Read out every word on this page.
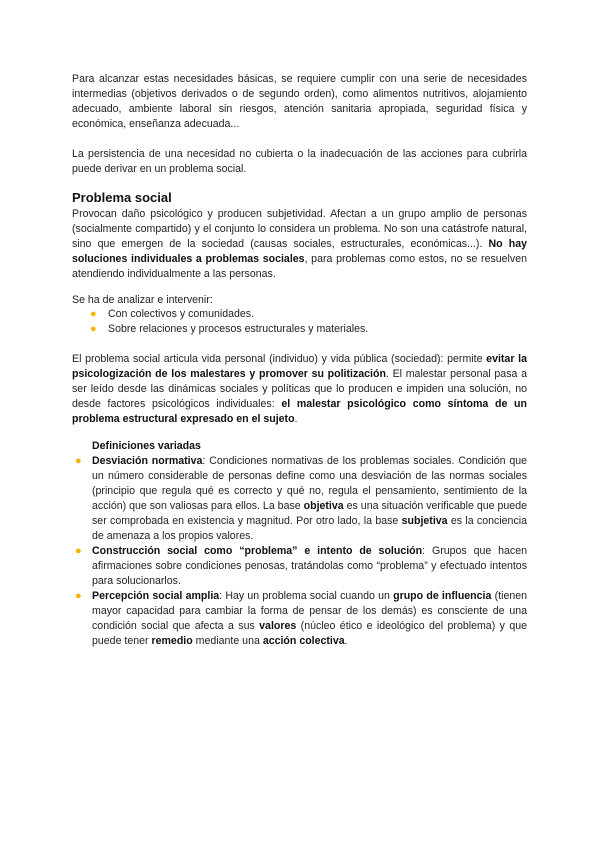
Para alcanzar estas necesidades básicas, se requiere cumplir con una serie de necesidades intermedias (objetivos derivados o de segundo orden), como alimentos nutritivos, alojamiento adecuado, ambiente laboral sin riesgos, atención sanitaria apropiada, seguridad física y económica, enseñanza adecuada...

La persistencia de una necesidad no cubierta o la inadecuación de las acciones para cubrirla puede derivar en un problema social.

Problema social

Provocan daño psicológico y producen subjetividad. Afectan a un grupo amplio de personas (socialmente compartido) y el conjunto lo considera un problema. No son una catástrofe natural, sino que emergen de la sociedad (causas sociales, estructurales, económicas...). No hay soluciones individuales a problemas sociales, para problemas como estos, no se resuelven atendiendo individualmente a las personas.

Se ha de analizar e intervenir:

● Con colectivos y comunidades.
● Sobre relaciones y procesos estructurales y materiales.

El problema social articula vida personal (individuo) y vida pública (sociedad): permite evitar la psicologización de los malestares y promover su politización. El malestar personal pasa a ser leído desde las dinámicas sociales y políticas que lo producen e impiden una solución, no desde factores psicológicos individuales: el malestar psicológico como síntoma de un problema estructural expresado en el sujeto.

Definiciones variadas

● Desviación normativa: Condiciones normativas de los problemas sociales. Condición que un número considerable de personas define como una desviación de las normas sociales (principio que regula qué es correcto y qué no, regula el pensamiento, sentimiento de la acción) que son valiosas para ellos. La base objetiva es una situación verificable que puede ser comprobada en existencia y magnitud. Por otro lado, la base subjetiva es la conciencia de amenaza a los propios valores.
● Construcción social como “problema” e intento de solución: Grupos que hacen afirmaciones sobre condiciones penosas, tratándolas como “problema” y efectuado intentos para solucionarlos.
● Percepción social amplia: Hay un problema social cuando un grupo de influencia (tienen mayor capacidad para cambiar la forma de pensar de los demás) es consciente de una condición social que afecta a sus valores (núcleo ético e ideológico del problema) y que puede tener remedio mediante una acción colectiva.
